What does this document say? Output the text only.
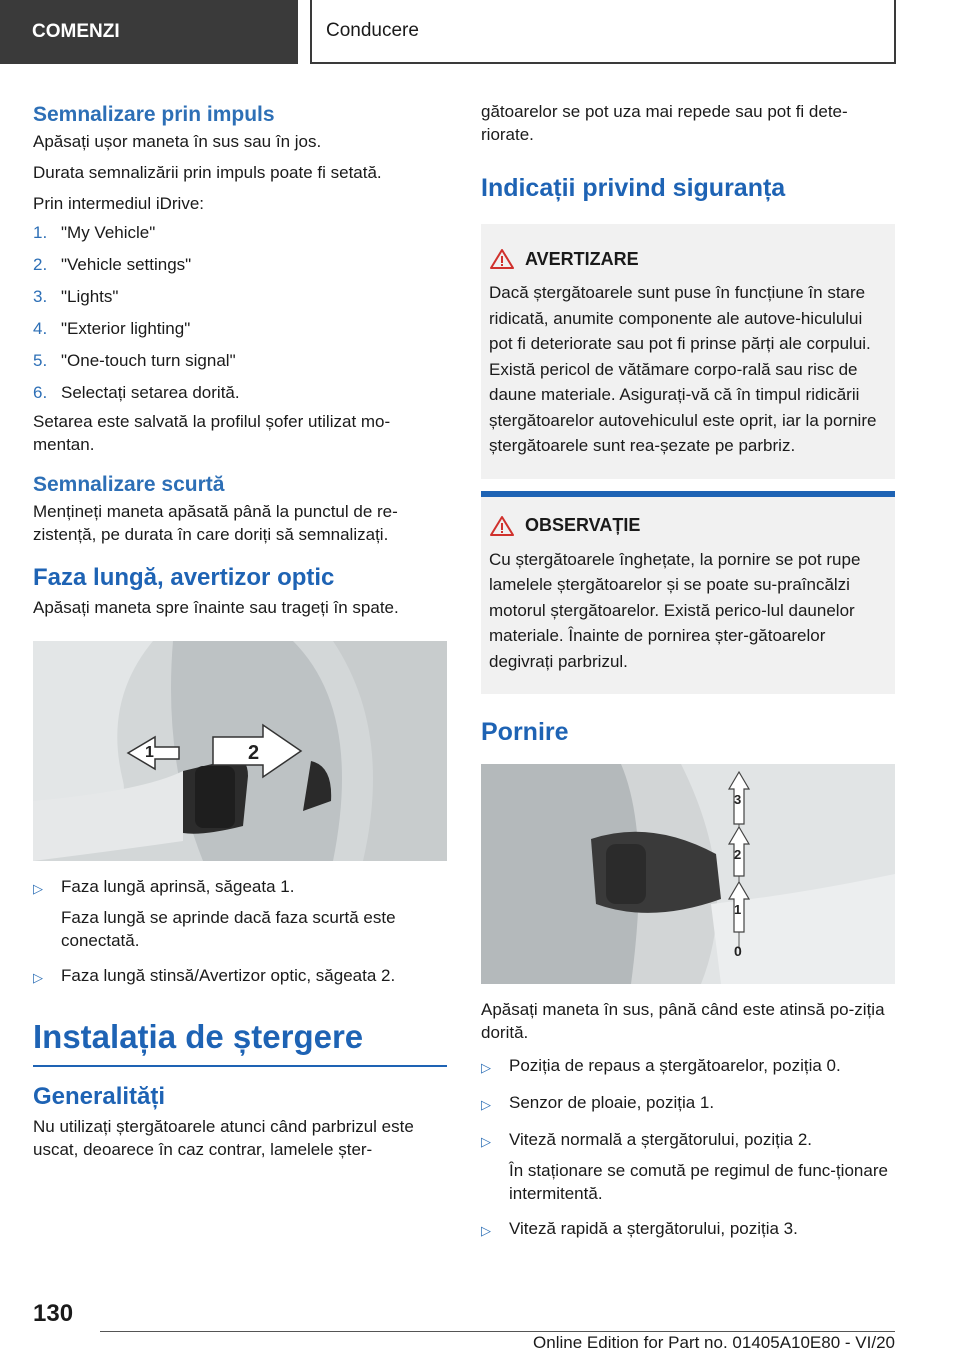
COMENZI	Conducere
Semnalizare prin impuls

Apăsați ușor maneta în sus sau în jos.

Durata semnalizării prin impuls poate fi setată.

Prin intermediul iDrive:

1. "My Vehicle"
2. "Vehicle settings"
3. "Lights"
4. "Exterior lighting"
5. "One-touch turn signal"
6. Selectați setarea dorită.

Setarea este salvată la profilul șofer utilizat mo-mentan.

Semnalizare scurtă

Mențineți maneta apăsată până la punctul de re-zistență, pe durata în care doriți să semnalizați.

Faza lungă, avertizor optic

Apăsați maneta spre înainte sau trageți în spate.

1	2
▷	Faza lungă aprinsă, săgeata 1.
Faza lungă se aprinde dacă faza scurtă este conectată.
▷	Faza lungă stinsă/Avertizor optic, săgeata 2.
Instalația de ștergere
Generalități

Nu utilizați ștergătoarele atunci când parbrizul este uscat, deoarece în caz contrar, lamelele șter-

gătoarelor se pot uza mai repede sau pot fi dete-riorate.

Indicații privind siguranța
AVERTIZARE

Dacă ștergătoarele sunt puse în funcțiune în stare ridicată, anumite componente ale autove-hiculului pot fi deteriorate sau pot fi prinse părți ale corpului. Există pericol de vătămare corpo-rală sau risc de daune materiale. Asigurați-vă că în timpul ridicării ștergătoarelor autovehiculul este oprit, iar la pornire ștergătoarele sunt rea-șezate pe parbriz.

OBSERVAȚIE

Cu ștergătoarele înghețate, la pornire se pot rupe lamelele ștergătoarelor și se poate su-praîncălzi motorul ștergătoarelor. Există perico-lul daunelor materiale. Înainte de pornirea șter-gătoarelor degivrați parbrizul.

Pornire
3
2
1
0

Apăsați maneta în sus, până când este atinsă po-ziția dorită.

▷	Poziția de repaus a ștergătoarelor, poziția 0.
▷	Senzor de ploaie, poziția 1.
▷	Viteză normală a ștergătorului, poziția 2.
În staționare se comută pe regimul de func-ționare intermitentă.
▷	Viteză rapidă a ștergătorului, poziția 3.
130
Online Edition for Part no. 01405A10E80 - VI/20
